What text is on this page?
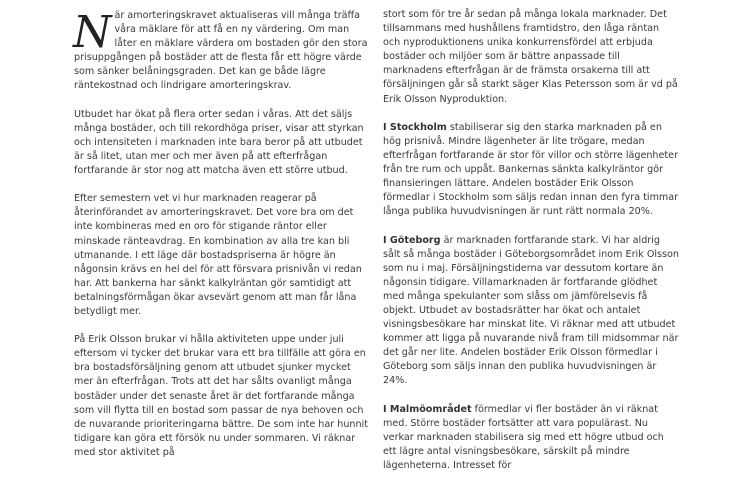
När amorteringskravet aktualiseras vill många träffa våra mäklare för att få en ny värdering. Om man låter en mäklare värdera om bostaden gör den stora prisuppgången på bostäder att de flesta får ett högre värde som sänker belåningsgraden. Det kan ge både lägre räntekostnad och lindrigare amorteringskrav.

Utbudet har ökat på flera orter sedan i våras. Att det säljs många bostäder, och till rekordhöga priser, visar att styrkan och intensiteten i marknaden inte bara beror på att utbudet är så litet, utan mer och mer även på att efterfrågan fortfarande är stor nog att matcha även ett större utbud.

Efter semestern vet vi hur marknaden reagerar på återinförandet av amorteringskravet. Det vore bra om det inte kombineras med en oro för stigande räntor eller minskade ränteavdrag. En kombination av alla tre kan bli utmanande. I ett läge där bostadspriserna är högre än någonsin krävs en hel del för att försvara prisnivån vi redan har. Att bankerna har sänkt kalkylräntan gör samtidigt att betalningsförmågan ökar avsevärt genom att man får låna betydligt mer.

På Erik Olsson brukar vi hålla aktiviteten uppe under juli eftersom vi tycker det brukar vara ett bra tillfälle att göra en bra bostadsförsäljning genom att utbudet sjunker mycket mer än efterfrågan. Trots att det har sålts ovanligt många bostäder under det senaste året är det fortfarande många som vill flytta till en bostad som passar de nya behoven och de nuvarande prioriteringarna bättre. De som inte har hunnit tidigare kan göra ett försök nu under sommaren. Vi räknar med stor aktivitet på

stort som för tre år sedan på många lokala marknader. Det tillsammans med hushållens framtidstro, den låga räntan och nyproduktionens unika konkurrensfördel att erbjuda bostäder och miljöer som är bättre anpassade till marknadens efterfrågan är de främsta orsakerna till att försäljningen går så starkt säger Klas Petersson som är vd på Erik Olsson Nyproduktion.

I Stockholm stabiliserar sig den starka marknaden på en hög prisnivå. Mindre lägenheter är lite trögare, medan efterfrågan fortfarande är stor för villor och större lägenheter från tre rum och uppåt. Bankernas sänkta kalkylräntor gör finansieringen lättare. Andelen bostäder Erik Olsson förmedlar i Stockholm som säljs redan innan den fyra timmar långa publika huvudvisningen är runt rätt normala 20%.

I Göteborg är marknaden fortfarande stark. Vi har aldrig sålt så många bostäder i Göteborgsområdet inom Erik Olsson som nu i maj. Försäljningstiderna var dessutom kortare än någonsin tidigare. Villamarknaden är fortfarande glödhet med många spekulanter som slåss om jämförelsevis få objekt. Utbudet av bostadsrätter har ökat och antalet visningsbesökare har minskat lite. Vi räknar med att utbudet kommer att ligga på nuvarande nivå fram till midsommar när det går ner lite. Andelen bostäder Erik Olsson förmedlar i Göteborg som säljs innan den publika huvudvisningen är 24%.

I Malmöområdet förmedlar vi fler bostäder än vi räknat med. Större bostäder fortsätter att vara populärast. Nu verkar marknaden stabilisera sig med ett högre utbud och ett lägre antal visningsbesökare, särskilt på mindre lägenheterna. Intresset för
